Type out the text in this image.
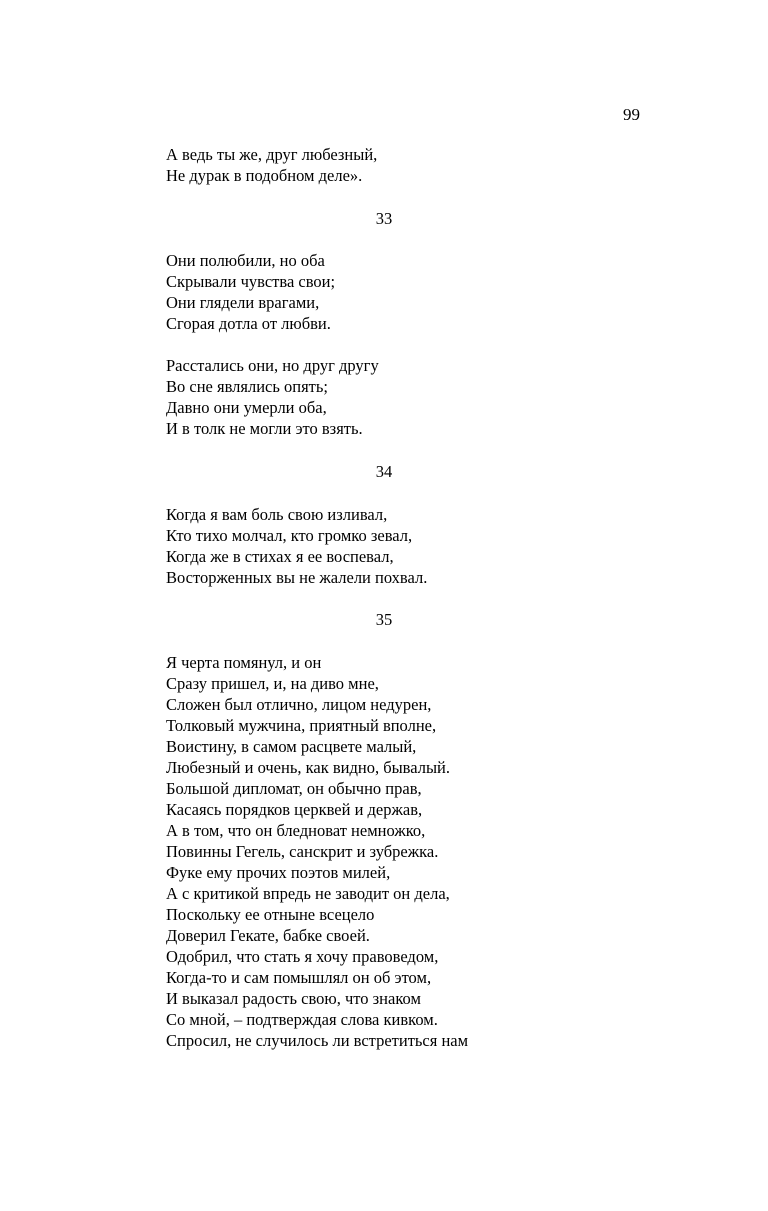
99
А ведь ты же, друг любезный,
Не дурак в подобном деле».
33
Они полюбили, но оба
Скрывали чувства свои;
Они глядели врагами,
Сгорая дотла от любви.
Расстались они, но друг другу
Во сне являлись опять;
Давно они умерли оба,
И в толк не могли это взять.
34
Когда я вам боль свою изливал,
Кто тихо молчал, кто громко зевал,
Когда же в стихах я ее воспевал,
Восторженных вы не жалели похвал.
35
Я черта помянул, и он
Сразу пришел, и, на диво мне,
Сложен был отлично, лицом недурен,
Толковый мужчина, приятный вполне,
Воистину, в самом расцвете малый,
Любезный и очень, как видно, бывалый.
Большой дипломат, он обычно прав,
Касаясь порядков церквей и держав,
А в том, что он бледноват немножко,
Повинны Гегель, санскрит и зубрежка.
Фуке ему прочих поэтов милей,
А с критикой впредь не заводит он дела,
Поскольку ее отныне всецело
Доверил Гекате, бабке своей.
Одобрил, что стать я хочу правоведом,
Когда-то и сам помышлял он об этом,
И выказал радость свою, что знаком
Со мной, – подтверждая слова кивком.
Спросил, не случилось ли встретиться нам
